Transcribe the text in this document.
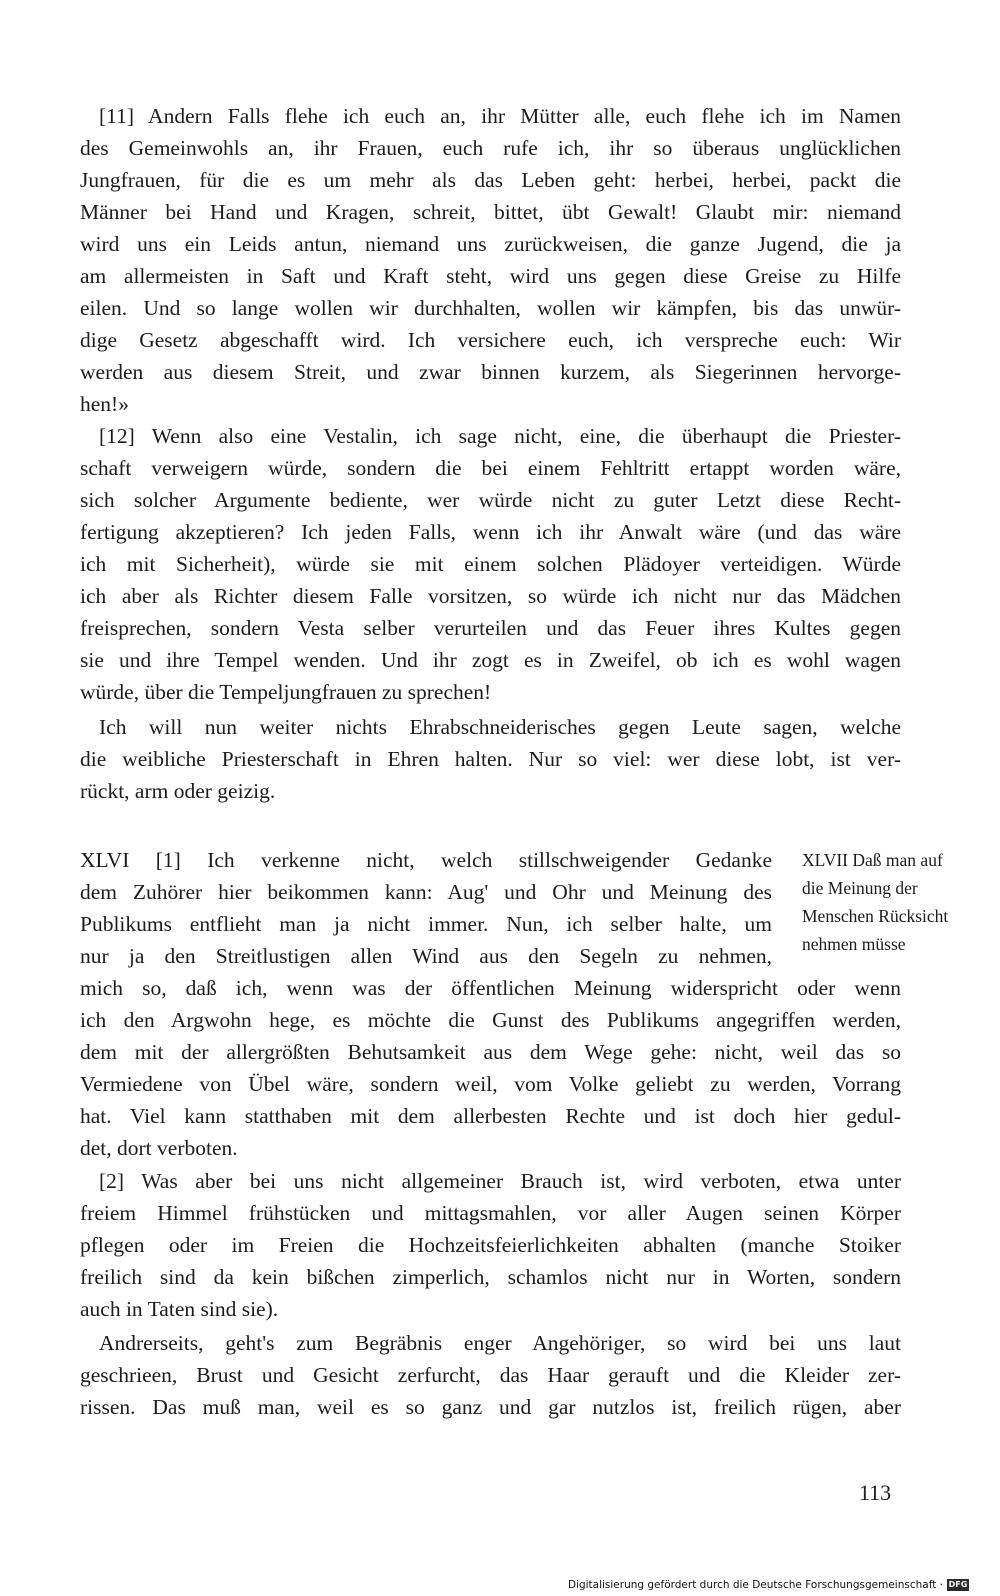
[11] Andern Falls flehe ich euch an, ihr Mütter alle, euch flehe ich im Namen

des Gemeinwohls an, ihr Frauen, euch rufe ich, ihr so überaus unglücklichen

Jungfrauen, für die es um mehr als das Leben geht: herbei, herbei, packt die

Männer bei Hand und Kragen, schreit, bittet, übt Gewalt! Glaubt mir: niemand

wird uns ein Leids antun, niemand uns zurückweisen, die ganze Jugend, die ja

am allermeisten in Saft und Kraft steht, wird uns gegen diese Greise zu Hilfe

eilen. Und so lange wollen wir durchhalten, wollen wir kämpfen, bis das unwür-

dige Gesetz abgeschafft wird. Ich versichere euch, ich verspreche euch: Wir

werden aus diesem Streit, und zwar binnen kurzem, als Siegerinnen hervorge-

hen!»

[12] Wenn also eine Vestalin, ich sage nicht, eine, die überhaupt die Priester-

schaft verweigern würde, sondern die bei einem Fehltritt ertappt worden wäre,

sich solcher Argumente bediente, wer würde nicht zu guter Letzt diese Recht-

fertigung akzeptieren? Ich jeden Falls, wenn ich ihr Anwalt wäre (und das wäre

ich mit Sicherheit), würde sie mit einem solchen Plädoyer verteidigen. Würde

ich aber als Richter diesem Falle vorsitzen, so würde ich nicht nur das Mädchen

freisprechen, sondern Vesta selber verurteilen und das Feuer ihres Kultes gegen

sie und ihre Tempel wenden. Und ihr zogt es in Zweifel, ob ich es wohl wagen

würde, über die Tempeljungfrauen zu sprechen!

Ich will nun weiter nichts Ehrabschneiderisches gegen Leute sagen, welche

die weibliche Priesterschaft in Ehren halten. Nur so viel: wer diese lobt, ist ver-

rückt, arm oder geizig.

XLVI [1] Ich verkenne nicht, welch stillschweigender Gedanke

dem Zuhörer hier beikommen kann: Aug' und Ohr und Meinung des

Publikums entflieht man ja nicht immer. Nun, ich selber halte, um

nur ja den Streitlustigen allen Wind aus den Segeln zu nehmen,

mich so, daß ich, wenn was der öffentlichen Meinung widerspricht oder wenn

ich den Argwohn hege, es möchte die Gunst des Publikums angegriffen werden,

dem mit der allergrößten Behutsamkeit aus dem Wege gehe: nicht, weil das so

Vermiedene von Übel wäre, sondern weil, vom Volke geliebt zu werden, Vorrang

hat. Viel kann statthaben mit dem allerbesten Rechte und ist doch hier gedul-

det, dort verboten.

[2] Was aber bei uns nicht allgemeiner Brauch ist, wird verboten, etwa unter

freiem Himmel frühstücken und mittagsmahlen, vor aller Augen seinen Körper

pflegen oder im Freien die Hochzeitsfeierlichkeiten abhalten (manche Stoiker

freilich sind da kein bißchen zimperlich, schamlos nicht nur in Worten, sondern

auch in Taten sind sie).

Andrerseits, geht's zum Begräbnis enger Angehöriger, so wird bei uns laut

geschrieen, Brust und Gesicht zerfurcht, das Haar gerauft und die Kleider zer-

rissen. Das muß man, weil es so ganz und gar nutzlos ist, freilich rügen, aber

XLVII Daß man auf

die Meinung der

Menschen Rücksicht

nehmen müsse

113

Digitalisierung gefördert durch die Deutsche Forschungsgemeinschaft · DFG
